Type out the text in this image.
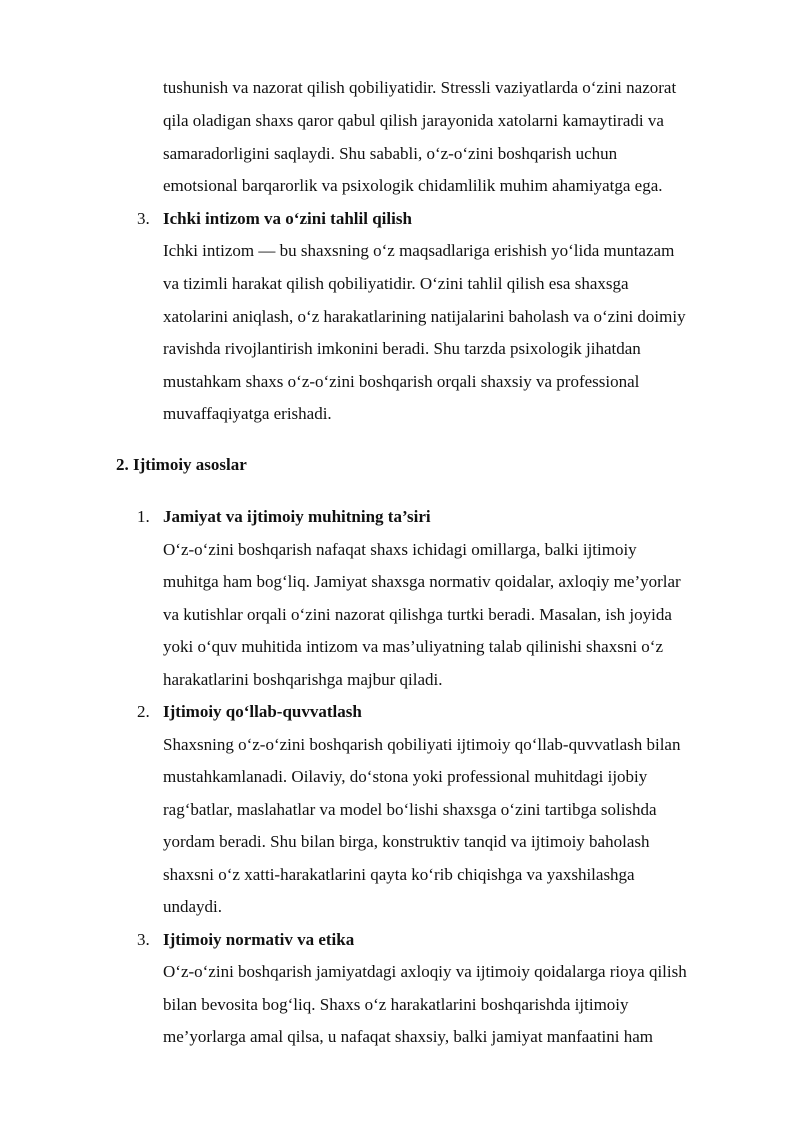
tushunish va nazorat qilish qobiliyatidir. Stressli vaziyatlarda o‘zini nazorat
qila oladigan shaxs qaror qabul qilish jarayonida xatolarni kamaytiradi va
samaradorligini saqlaydi. Shu sababli, o‘z-o‘zini boshqarish uchun
emotsional barqarorlik va psixologik chidamlilik muhim ahamiyatga ega.
3. Ichki intizom va o‘zini tahlil qilish
Ichki intizom — bu shaxsning o‘z maqsadlariga erishish yo‘lida muntazam
va tizimli harakat qilish qobiliyatidir. O‘zini tahlil qilish esa shaxsga
xatolarini aniqlash, o‘z harakatlarining natijalarini baholash va o‘zini doimiy
ravishda rivojlantirish imkonini beradi. Shu tarzda psixologik jihatdan
mustahkam shaxs o‘z-o‘zini boshqarish orqali shaxsiy va professional
muvaffaqiyatga erishadi.
2. Ijtimoiy asoslar
1. Jamiyat va ijtimoiy muhitning ta’siri
O‘z-o‘zini boshqarish nafaqat shaxs ichidagi omillarga, balki ijtimoiy
muhitga ham bog‘liq. Jamiyat shaxsga normativ qoidalar, axloqiy me’yorlar
va kutishlar orqali o‘zini nazorat qilishga turtki beradi. Masalan, ish joyida
yoki o‘quv muhitida intizom va mas’uliyatning talab qilinishi shaxsni o‘z
harakatlarini boshqarishga majbur qiladi.
2. Ijtimoiy qo‘llab-quvvatlash
Shaxsning o‘z-o‘zini boshqarish qobiliyati ijtimoiy qo‘llab-quvvatlash bilan
mustahkamlanadi. Oilaviy, do‘stona yoki professional muhitdagi ijobiy
rag‘batlar, maslahatlar va model bo‘lishi shaxsga o‘zini tartibga solishda
yordam beradi. Shu bilan birga, konstruktiv tanqid va ijtimoiy baholash
shaxsni o‘z xatti-harakatlarini qayta ko‘rib chiqishga va yaxshilashga
undaydi.
3. Ijtimoiy normativ va etika
O‘z-o‘zini boshqarish jamiyatdagi axloqiy va ijtimoiy qoidalarga rioya qilish
bilan bevosita bog‘liq. Shaxs o‘z harakatlarini boshqarishda ijtimoiy
me’yorlarga amal qilsa, u nafaqat shaxsiy, balki jamiyat manfaatini ham
